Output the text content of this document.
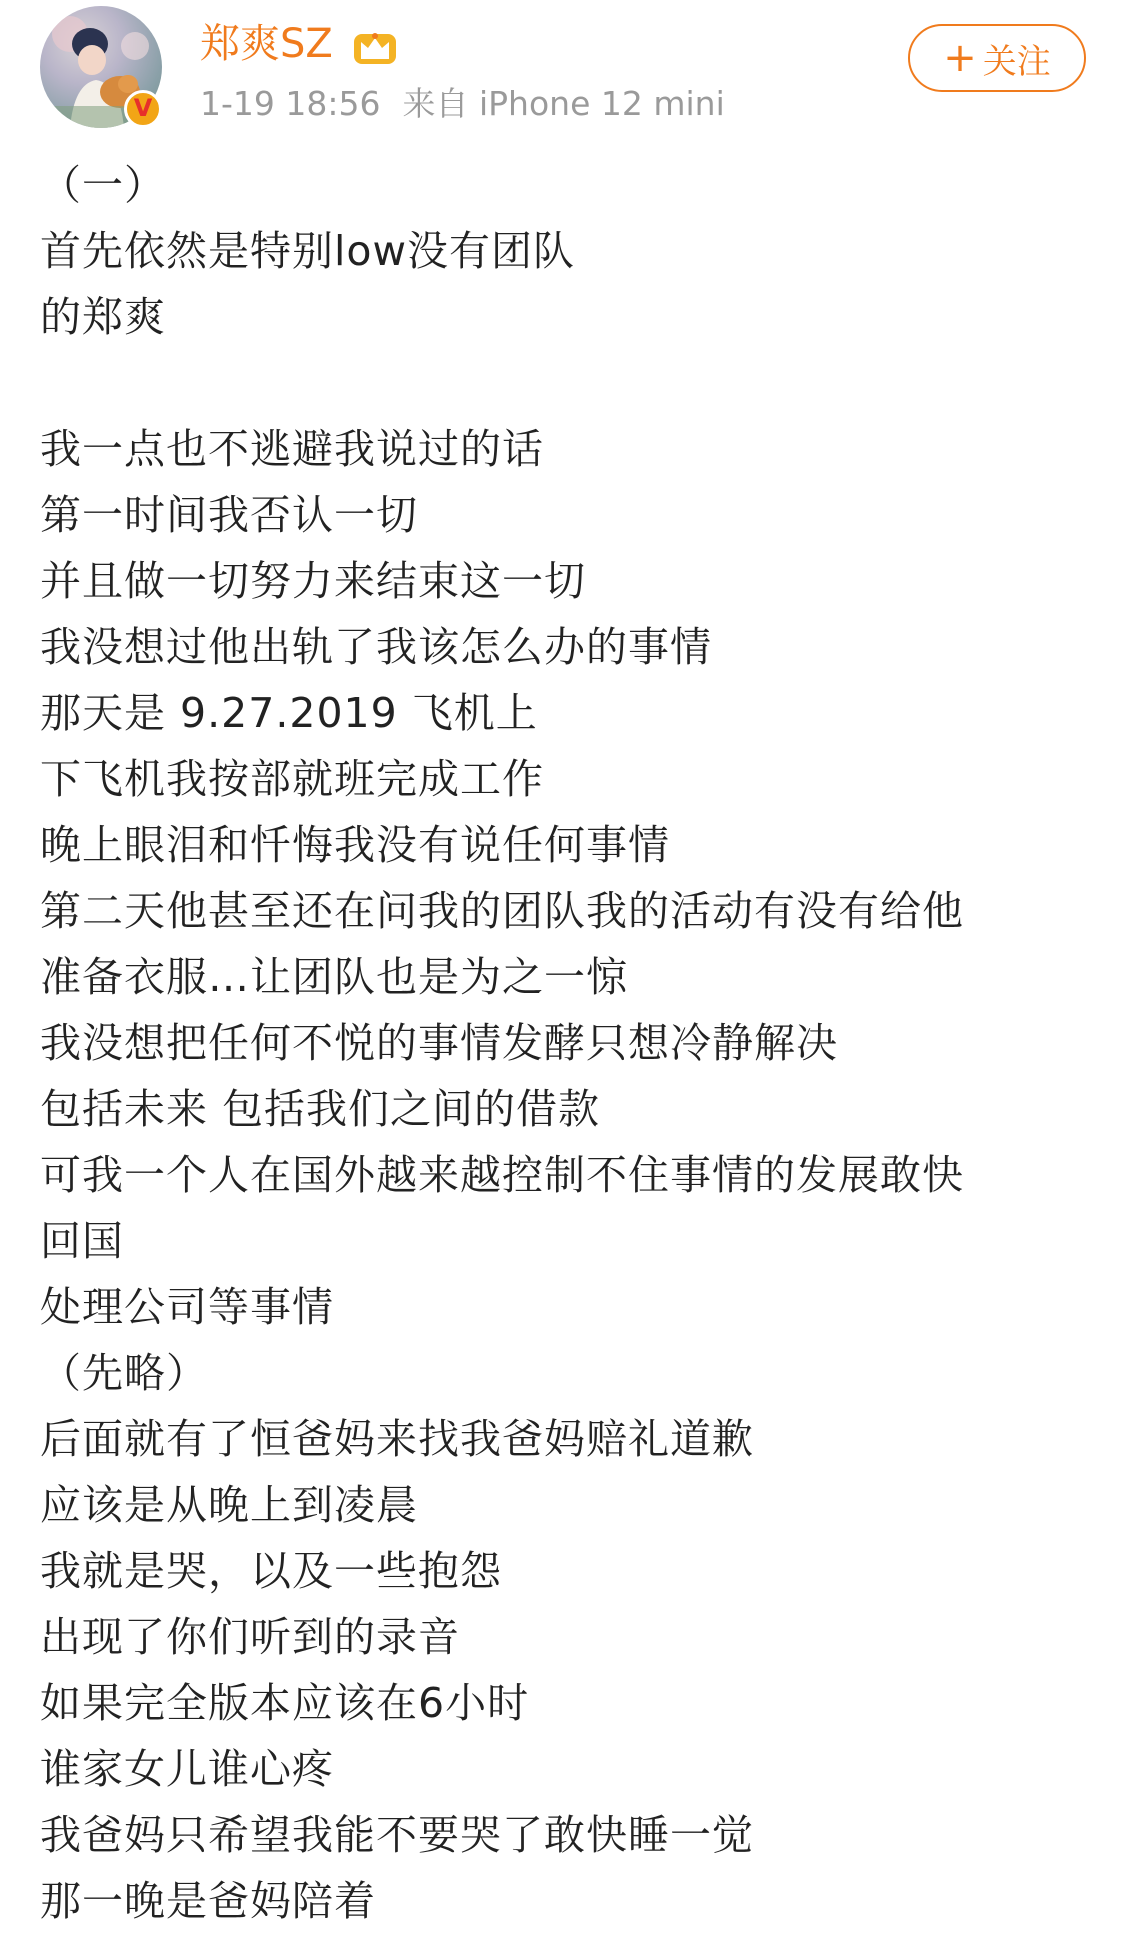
V
郑爽SZ
1-19 18:56 来自 iPhone 12 mini
+ 关注
（一）
首先依然是特别low没有团队
的郑爽
我一点也不逃避我说过的话
第一时间我否认一切
并且做一切努力来结束这一切
我没想过他出轨了我该怎么办的事情
那天是 9.27.2019 飞机上
下飞机我按部就班完成工作
晚上眼泪和忏悔我没有说任何事情
第二天他甚至还在问我的团队我的活动有没有给他
准备衣服…让团队也是为之一惊
我没想把任何不悦的事情发酵只想冷静解决
包括未来 包括我们之间的借款
可我一个人在国外越来越控制不住事情的发展敢快
回国
处理公司等事情
（先略）
后面就有了恒爸妈来找我爸妈赔礼道歉
应该是从晚上到凌晨
我就是哭，以及一些抱怨
出现了你们听到的录音
如果完全版本应该在6小时
谁家女儿谁心疼
我爸妈只希望我能不要哭了敢快睡一觉
那一晚是爸妈陪着
